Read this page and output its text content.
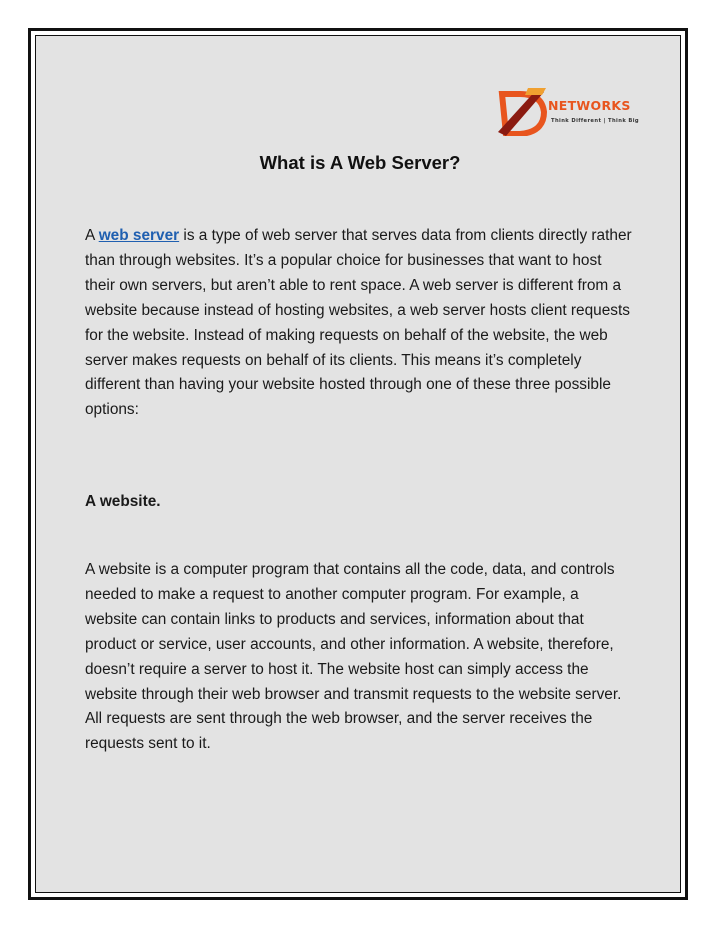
NETWORKS
Think Different | Think Big
What is A Web Server?

A web server is a type of web server that serves data from clients directly rather than through websites. It’s a popular choice for businesses that want to host their own servers, but aren’t able to rent space. A web server is different from a website because instead of hosting websites, a web server hosts client requests for the website. Instead of making requests on behalf of the website, the web server makes requests on behalf of its clients. This means it’s completely different than having your website hosted through one of these three possible options:

A website.

A website is a computer program that contains all the code, data, and controls needed to make a request to another computer program. For example, a website can contain links to products and services, information about that product or service, user accounts, and other information. A website, therefore, doesn’t require a server to host it. The website host can simply access the website through their web browser and transmit requests to the website server. All requests are sent through the web browser, and the server receives the requests sent to it.
